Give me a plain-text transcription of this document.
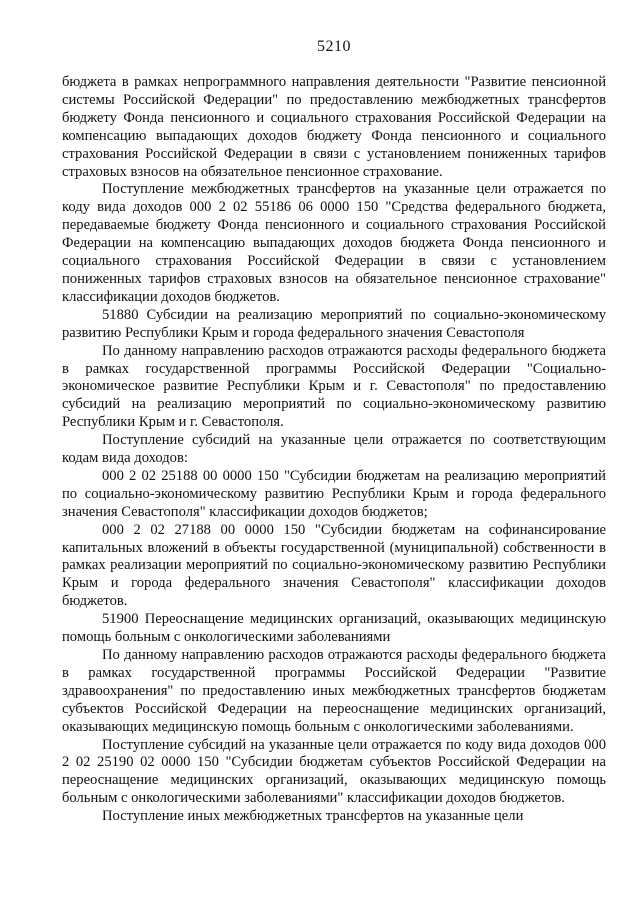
5210

бюджета в рамках непрограммного направления деятельности "Развитие пенсионной системы Российской Федерации" по предоставлению межбюджетных трансфертов бюджету Фонда пенсионного и социального страхования Российской Федерации на компенсацию выпадающих доходов бюджету Фонда пенсионного и социального страхования Российской Федерации в связи с установлением пониженных тарифов страховых взносов на обязательное пенсионное страхование.

Поступление межбюджетных трансфертов на указанные цели отражается по коду вида доходов 000 2 02 55186 06 0000 150 "Средства федерального бюджета, передаваемые бюджету Фонда пенсионного и социального страхования Российской Федерации на компенсацию выпадающих доходов бюджета Фонда пенсионного и социального страхования Российской Федерации в связи с установлением пониженных тарифов страховых взносов на обязательное пенсионное страхование" классификации доходов бюджетов.

51880 Субсидии на реализацию мероприятий по социально-экономическому развитию Республики Крым и города федерального значения Севастополя

По данному направлению расходов отражаются расходы федерального бюджета в рамках государственной программы Российской Федерации "Социально-экономическое развитие Республики Крым и г. Севастополя" по предоставлению субсидий на реализацию мероприятий по социально-экономическому развитию Республики Крым и г. Севастополя.

Поступление субсидий на указанные цели отражается по соответствующим кодам вида доходов:

000 2 02 25188 00 0000 150 "Субсидии бюджетам на реализацию мероприятий по социально-экономическому развитию Республики Крым и города федерального значения Севастополя" классификации доходов бюджетов;

000 2 02 27188 00 0000 150 "Субсидии бюджетам на софинансирование капитальных вложений в объекты государственной (муниципальной) собственности в рамках реализации мероприятий по социально-экономическому развитию Республики Крым и города федерального значения Севастополя" классификации доходов бюджетов.

51900 Переоснащение медицинских организаций, оказывающих медицинскую помощь больным с онкологическими заболеваниями

По данному направлению расходов отражаются расходы федерального бюджета в рамках государственной программы Российской Федерации "Развитие здравоохранения" по предоставлению иных межбюджетных трансфертов бюджетам субъектов Российской Федерации на переоснащение медицинских организаций, оказывающих медицинскую помощь больным с онкологическими заболеваниями.

Поступление субсидий на указанные цели отражается по коду вида доходов 000 2 02 25190 02 0000 150 "Субсидии бюджетам субъектов Российской Федерации на переоснащение медицинских организаций, оказывающих медицинскую помощь больным с онкологическими заболеваниями" классификации доходов бюджетов.

Поступление иных межбюджетных трансфертов на указанные цели
